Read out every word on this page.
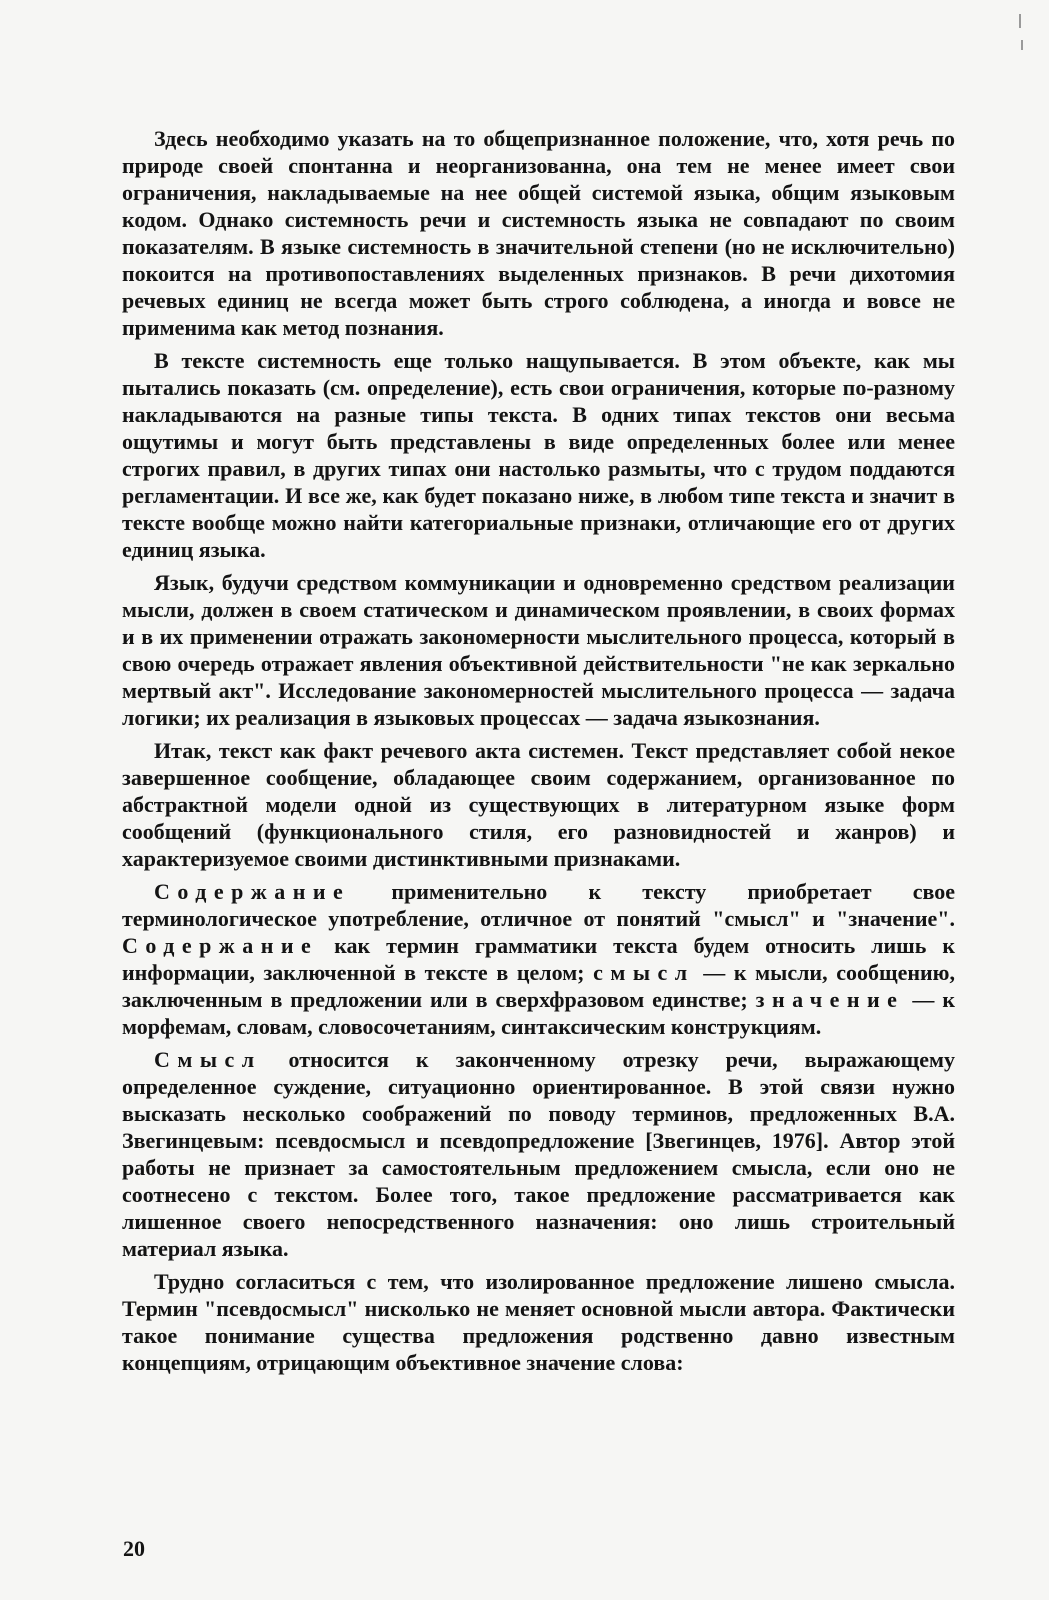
Здесь необходимо указать на то общепризнанное положение, что, хотя речь по природе своей спонтанна и неорганизованна, она тем не менее имеет свои ограничения, накладываемые на нее общей системой языка, общим языковым кодом. Однако системность речи и системность языка не совпадают по своим показателям. В языке системность в значительной степени (но не исключительно) покоится на противопоставлениях выделенных признаков. В речи дихотомия речевых единиц не всегда может быть строго соблюдена, а иногда и вовсе не применима как метод познания.

В тексте системность еще только нащупывается. В этом объекте, как мы пытались показать (см. определение), есть свои ограничения, которые по-разному накладываются на разные типы текста. В одних типах текстов они весьма ощутимы и могут быть представлены в виде определенных более или менее строгих правил, в других типах они настолько размыты, что с трудом поддаются регламентации. И все же, как будет показано ниже, в любом типе текста и значит в тексте вообще можно найти категориальные признаки, отличающие его от других единиц языка.

Язык, будучи средством коммуникации и одновременно средством реализации мысли, должен в своем статическом и динамическом проявлении, в своих формах и в их применении отражать закономерности мыслительного процесса, который в свою очередь отражает явления объективной действительности "не как зеркально мертвый акт". Исследование закономерностей мыслительного процесса — задача логики; их реализация в языковых процессах — задача языкознания.

Итак, текст как факт речевого акта системен. Текст представляет собой некое завершенное сообщение, обладающее своим содержанием, организованное по абстрактной модели одной из существующих в литературном языке форм сообщений (функционального стиля, его разновидностей и жанров) и характеризуемое своими дистинктивными признаками.

Содержание применительно к тексту приобретает свое терминологическое употребление, отличное от понятий "смысл" и "значение". Содержание как термин грамматики текста будем относить лишь к информации, заключенной в тексте в целом; смысл — к мысли, сообщению, заключенным в предложении или в сверхфразовом единстве; значение — к морфемам, словам, словосочетаниям, синтаксическим конструкциям.

Смысл относится к законченному отрезку речи, выражающему определенное суждение, ситуационно ориентированное. В этой связи нужно высказать несколько соображений по поводу терминов, предложенных В.А. Звегинцевым: псевдосмысл и псевдопредложение [Звегинцев, 1976]. Автор этой работы не признает за самостоятельным предложением смысла, если оно не соотнесено с текстом. Более того, такое предложение рассматривается как лишенное своего непосредственного назначения: оно лишь строительный материал языка.

Трудно согласиться с тем, что изолированное предложение лишено смысла. Термин "псевдосмысл" нисколько не меняет основной мысли автора. Фактически такое понимание существа предложения родственно давно известным концепциям, отрицающим объективное значение слова:

20
